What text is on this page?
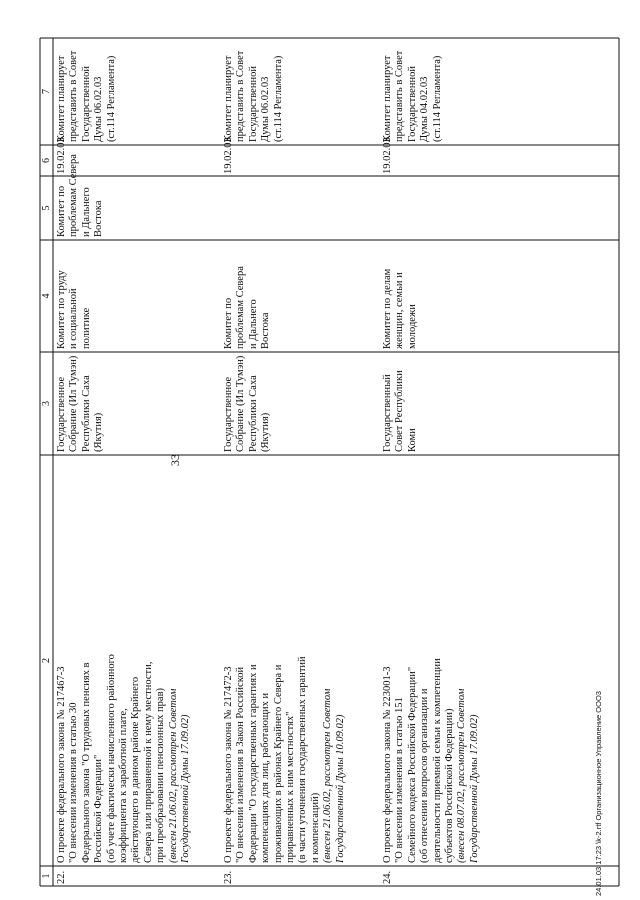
33
1
2
3
4
5
6
7
22.
О проекте федерального закона № 217467-3
"О внесении изменения в статью 30
Федерального закона "О трудовых пенсиях в
Российской Федерации"
(об учете фактически начисленного районного
коэффициента к заработной плате,
действующего в данном районе Крайнего
Севера или приравненной к нему местности,
при преобразовании пенсионных прав)
(внесен 21.06.02, рассмотрен Советом
Государственной Думы 17.09.02)
Государственное
Собрание (Ил Тумэн)
Республики Саха
(Якутия)
Комитет по труду
и социальной
политике
Комитет по
проблемам Севера
и Дальнего
Востока
19.02.03
Комитет планирует
представить в Совет
Государственной
Думы 06.02.03
(ст.114 Регламента)
23.
О проекте федерального закона № 217472-3
"О внесении изменения в Закон Российской
Федерации "О государственных гарантиях и
компенсациях для лиц, работающих и
проживающих в районах Крайнего Севера и
приравненных к ним местностях"
(в части уточнения государственных гарантий
и компенсаций) (внесен 21.06.02, рассмотрен Советом
Государственной Думы 10.09.02)
Государственное
Собрание (Ил Тумэн)
Республики Саха
(Якутия)
Комитет по
проблемам Севера
и Дальнего
Востока
19.02.03
Комитет планирует
представить в Совет
Государственной
Думы 06.02.03
(ст.114 Регламента)
24.
О проекте федерального закона № 223001-3
"О внесении изменения в статью 151
Семейного кодекса Российской Федерации"
(об отнесении вопросов организации и
деятельности приемной семьи к компетенции
субъектов Российской Федерации)
(внесен 08.07.02, рассмотрен Советом
Государственной Думы 17.09.02)
Государственный
Совет Республики
Коми
Комитет по делам
женщин, семьи и
молодежи
19.02.03
Комитет планирует
представить в Совет
Государственной
Думы 04.02.03
(ст.114 Регламента)
24.01.03 17:23 \k-2.rtf Организационное Управление ООО3
